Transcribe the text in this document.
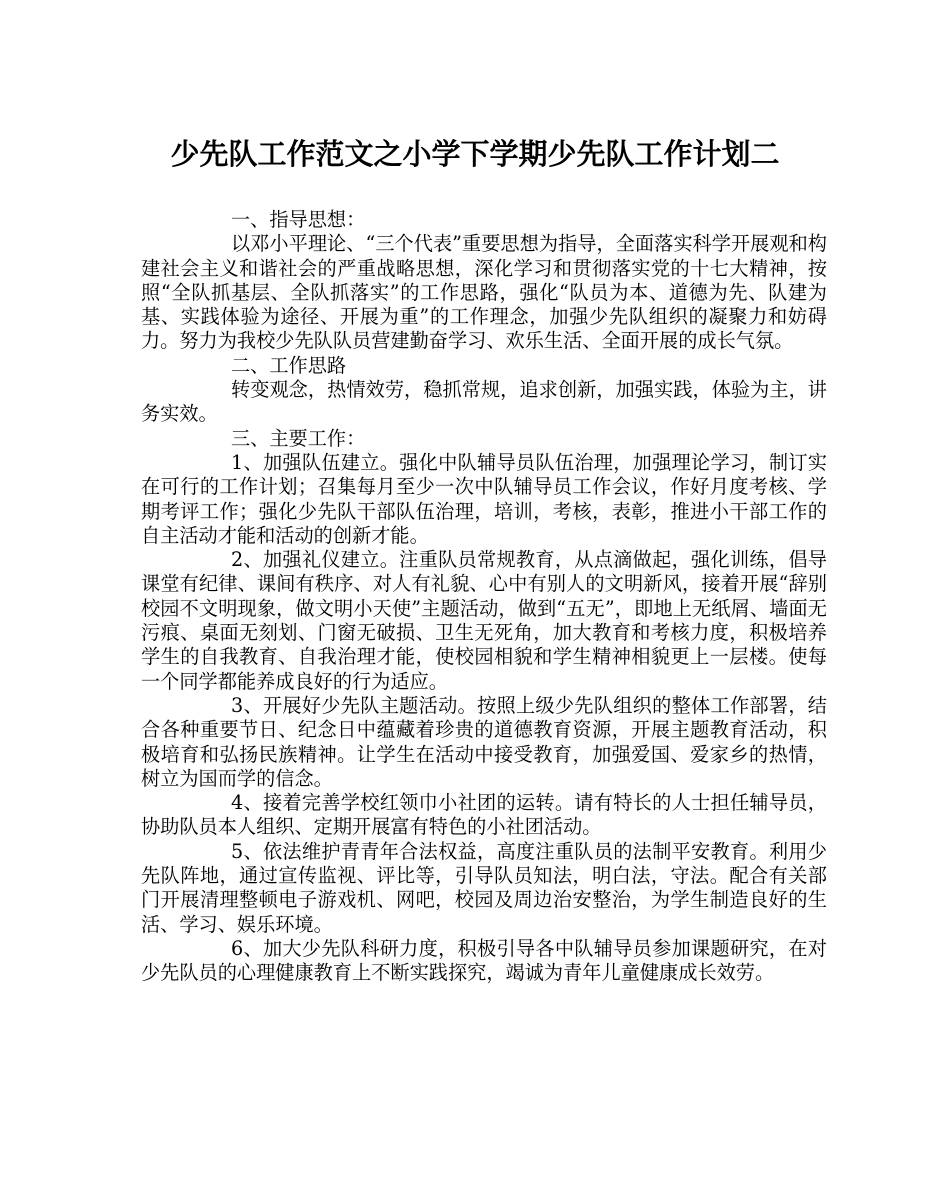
少先队工作范文之小学下学期少先队工作计划二

一、指导思想：

以邓小平理论、“三个代表”重要思想为指导，全面落实科学开展观和构建社会主义和谐社会的严重战略思想，深化学习和贯彻落实党的十七大精神，按照“全队抓基层、全队抓落实”的工作思路，强化“队员为本、道德为先、队建为基、实践体验为途径、开展为重”的工作理念，加强少先队组织的凝聚力和妨碍力。努力为我校少先队队员营建勤奋学习、欢乐生活、全面开展的成长气氛。

二、工作思路

转变观念，热情效劳，稳抓常规，追求创新，加强实践，体验为主，讲务实效。

三、主要工作：

1、加强队伍建立。强化中队辅导员队伍治理，加强理论学习，制订实在可行的工作计划；召集每月至少一次中队辅导员工作会议，作好月度考核、学期考评工作；强化少先队干部队伍治理，培训，考核，表彰，推进小干部工作的自主活动才能和活动的创新才能。

2、加强礼仪建立。注重队员常规教育，从点滴做起，强化训练，倡导课堂有纪律、课间有秩序、对人有礼貌、心中有别人的文明新风，接着开展“辞别校园不文明现象，做文明小天使”主题活动，做到“五无”，即地上无纸屑、墙面无污痕、桌面无刻划、门窗无破损、卫生无死角，加大教育和考核力度，积极培养学生的自我教育、自我治理才能，使校园相貌和学生精神相貌更上一层楼。使每一个同学都能养成良好的行为适应。

3、开展好少先队主题活动。按照上级少先队组织的整体工作部署，结合各种重要节日、纪念日中蕴藏着珍贵的道德教育资源，开展主题教育活动，积极培育和弘扬民族精神。让学生在活动中接受教育，加强爱国、爱家乡的热情，树立为国而学的信念。

4、接着完善学校红领巾小社团的运转。请有特长的人士担任辅导员，协助队员本人组织、定期开展富有特色的小社团活动。

5、依法维护青青年合法权益，高度注重队员的法制平安教育。利用少先队阵地，通过宣传监视、评比等，引导队员知法，明白法，守法。配合有关部门开展清理整顿电子游戏机、网吧，校园及周边治安整治，为学生制造良好的生活、学习、娱乐环境。

6、加大少先队科研力度，积极引导各中队辅导员参加课题研究，在对少先队员的心理健康教育上不断实践探究，竭诚为青年儿童健康成长效劳。
